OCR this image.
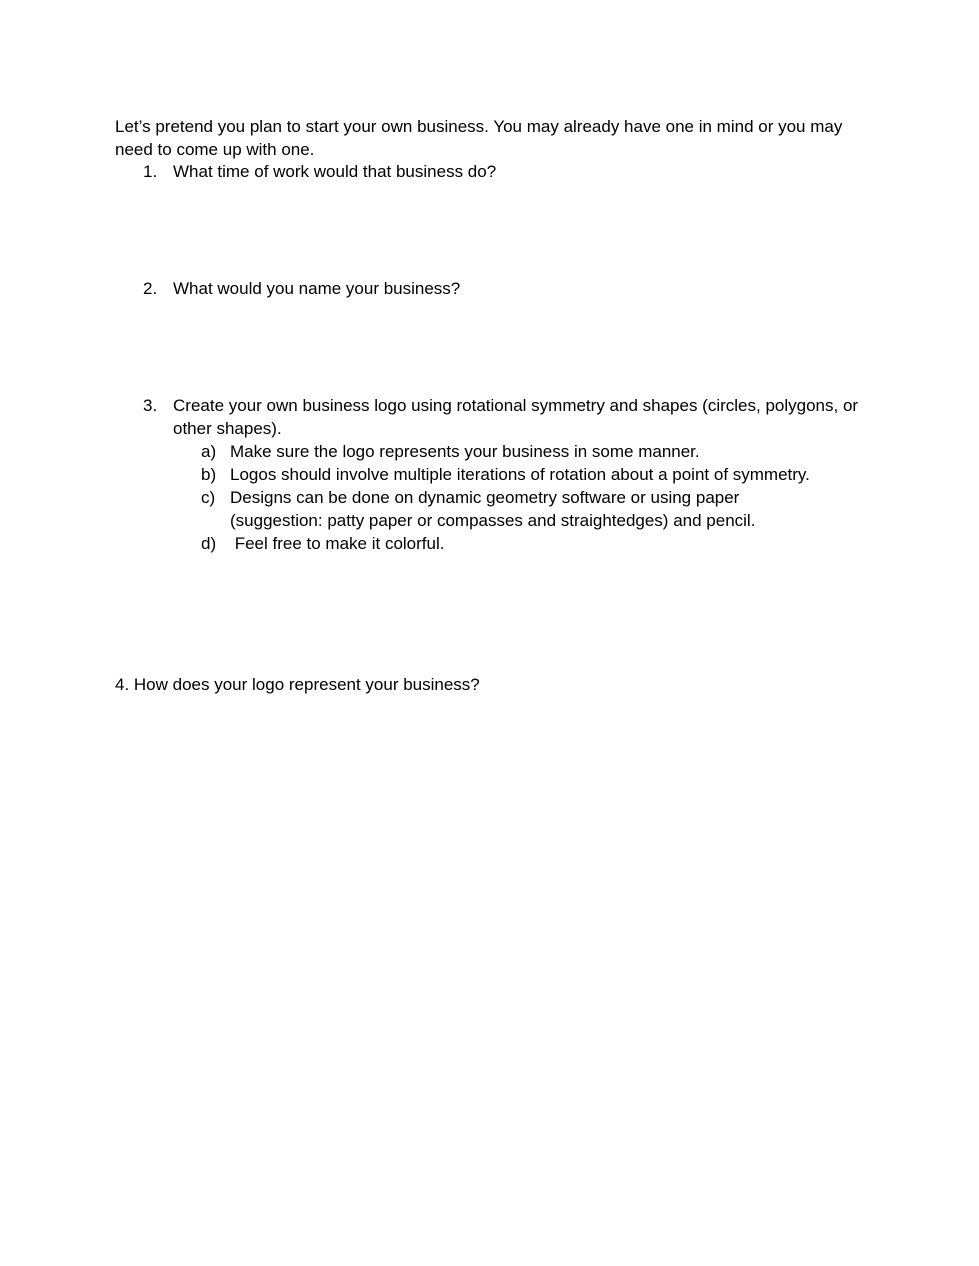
Let’s pretend you plan to start your own business. You may already have one in mind or you may need to come up with one.

1. What time of work would that business do?
2. What would you name your business?
3. Create your own business logo using rotational symmetry and shapes (circles, polygons, or other shapes).
a) Make sure the logo represents your business in some manner.
b) Logos should involve multiple iterations of rotation about a point of symmetry.
c) Designs can be done on dynamic geometry software or using paper (suggestion: patty paper or compasses and straightedges) and pencil.
d) Feel free to make it colorful.
4. How does your logo represent your business?
